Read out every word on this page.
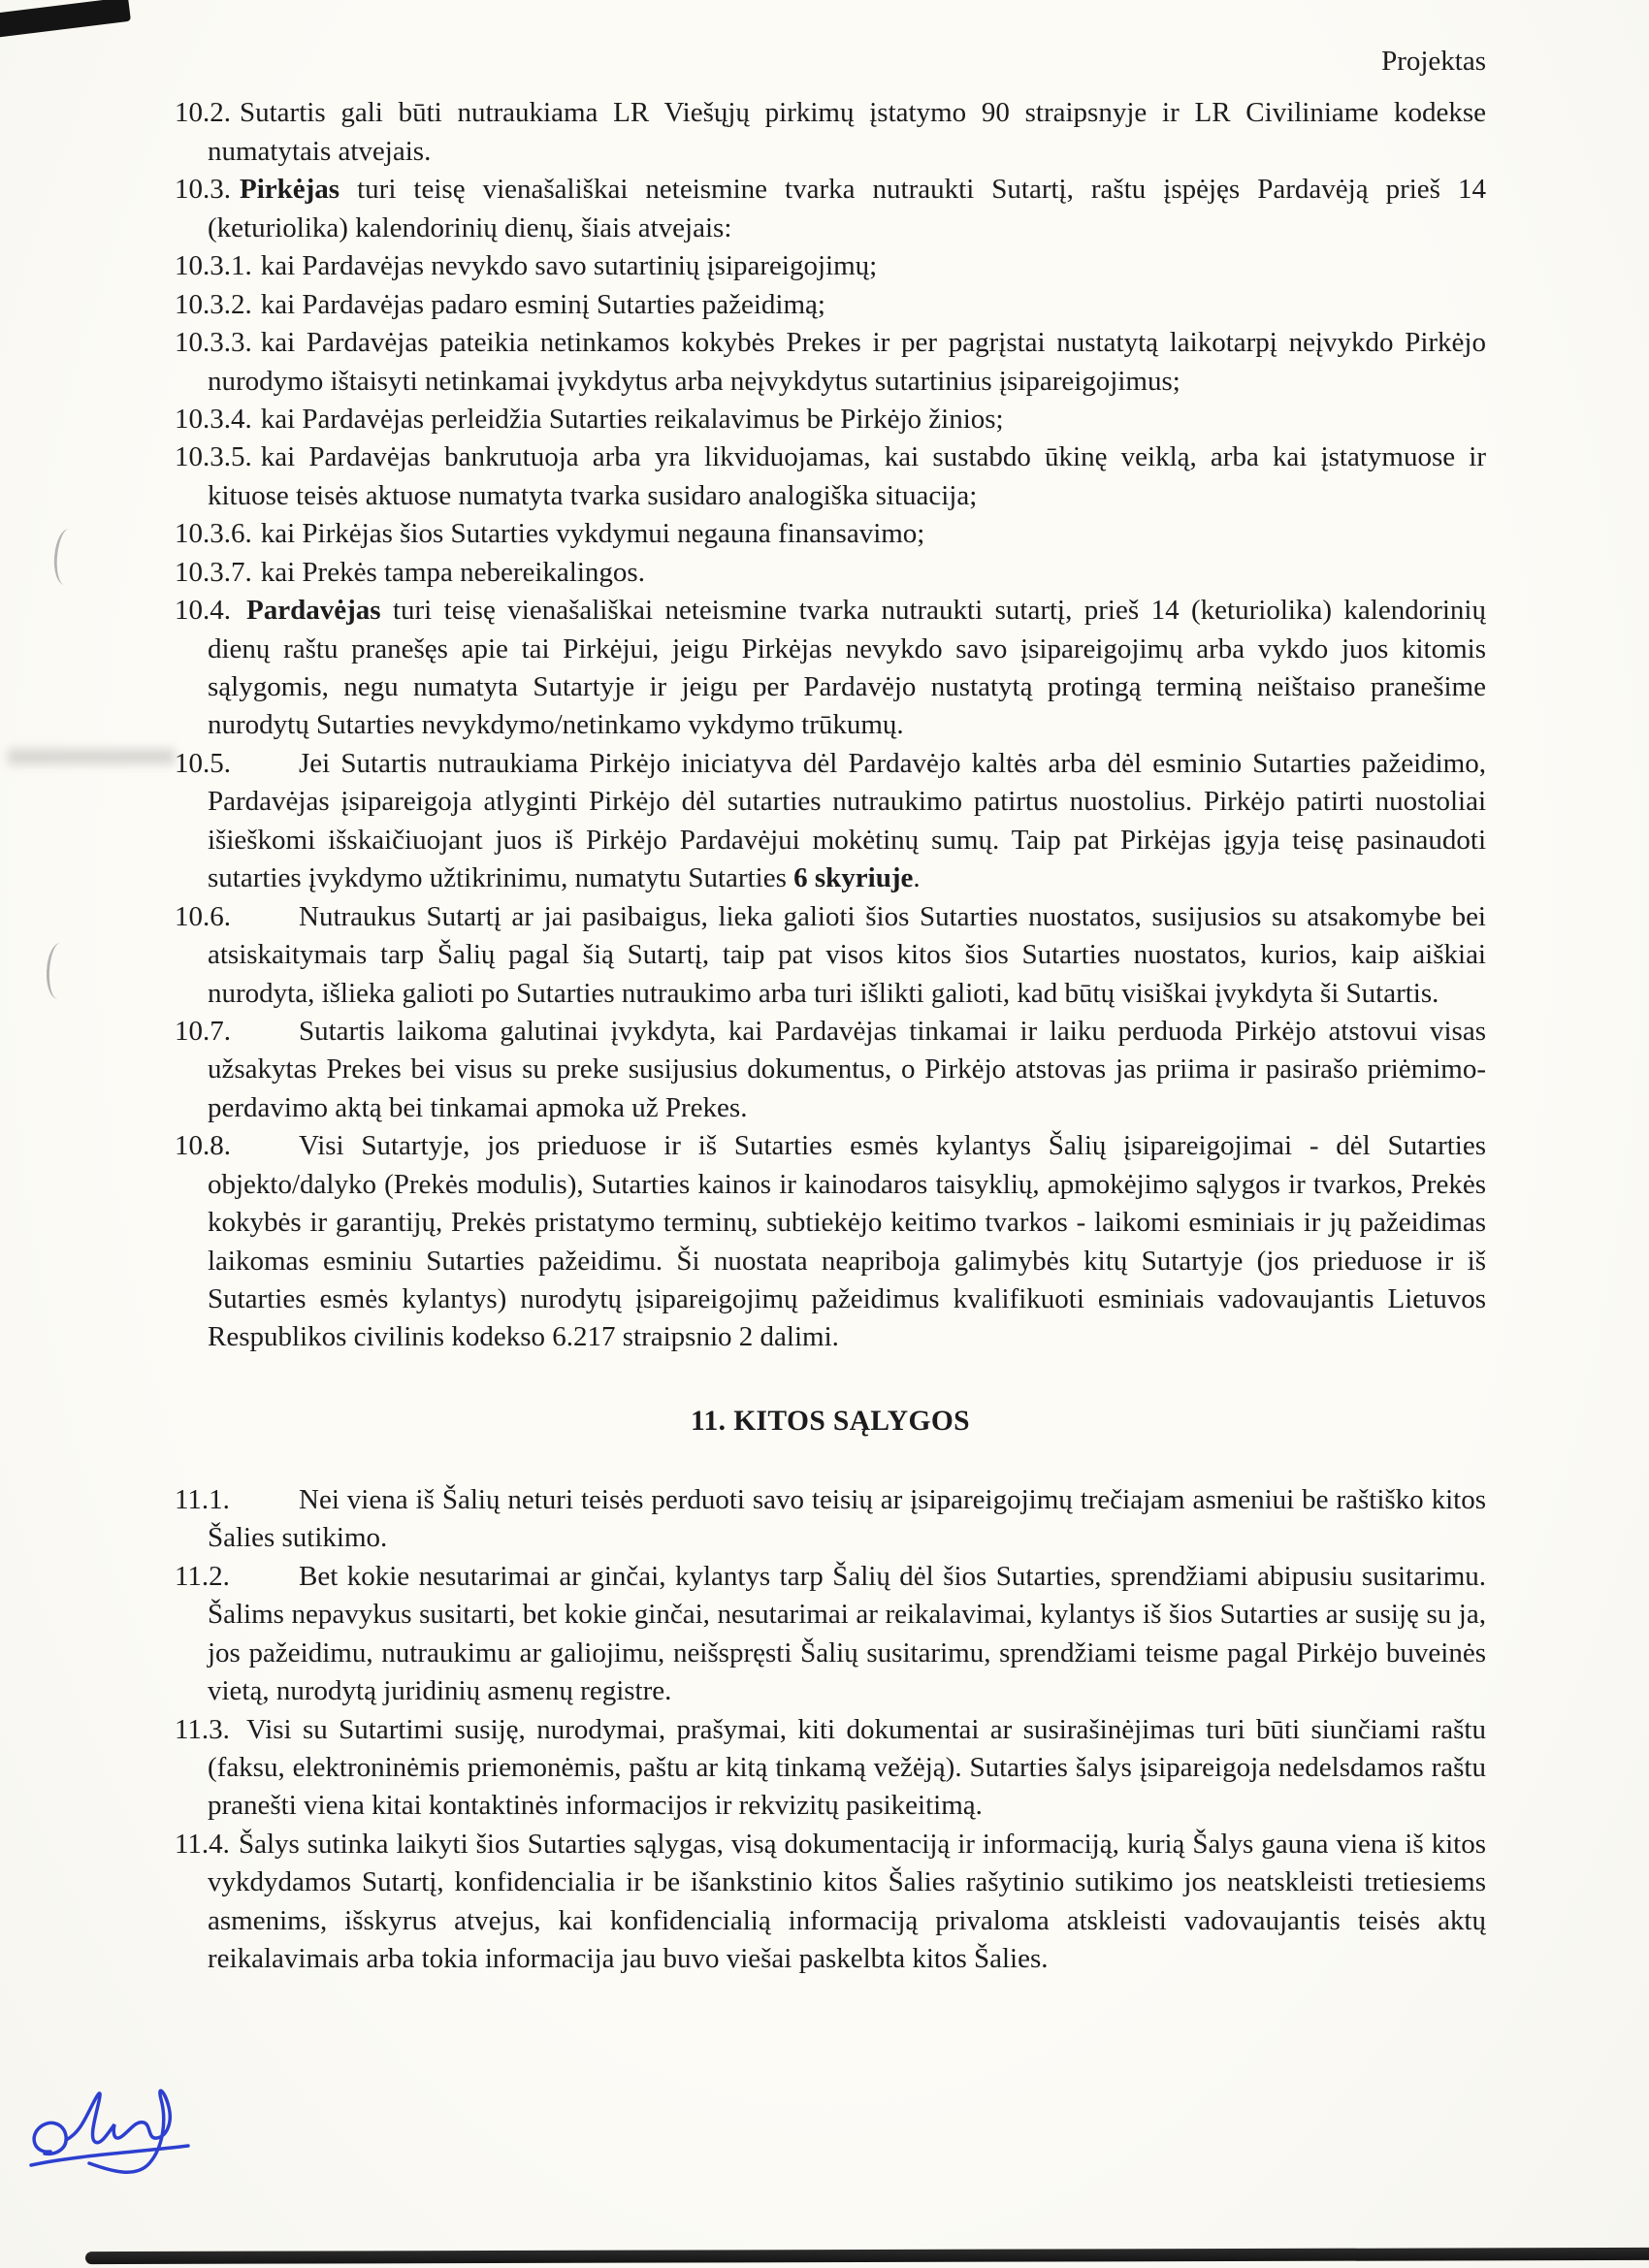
Projektas

10.2. Sutartis gali būti nutraukiama LR Viešųjų pirkimų įstatymo 90 straipsnyje ir LR Civiliniame kodekse numatytais atvejais.

10.3. Pirkėjas turi teisę vienašališkai neteismine tvarka nutraukti Sutartį, raštu įspėjęs Pardavėją prieš 14 (keturiolika) kalendorinių dienų, šiais atvejais:

10.3.1. kai Pardavėjas nevykdo savo sutartinių įsipareigojimų;

10.3.2. kai Pardavėjas padaro esminį Sutarties pažeidimą;

10.3.3. kai Pardavėjas pateikia netinkamos kokybės Prekes ir per pagrįstai nustatytą laikotarpį neįvykdo Pirkėjo nurodymo ištaisyti netinkamai įvykdytus arba neįvykdytus sutartinius įsipareigojimus;

10.3.4. kai Pardavėjas perleidžia Sutarties reikalavimus be Pirkėjo žinios;

10.3.5. kai Pardavėjas bankrutuoja arba yra likviduojamas, kai sustabdo ūkinę veiklą, arba kai įstatymuose ir kituose teisės aktuose numatyta tvarka susidaro analogiška situacija;

10.3.6. kai Pirkėjas šios Sutarties vykdymui negauna finansavimo;

10.3.7. kai Prekės tampa nebereikalingos.

10.4. Pardavėjas turi teisę vienašališkai neteismine tvarka nutraukti sutartį, prieš 14 (keturiolika) kalendorinių dienų raštu pranešęs apie tai Pirkėjui, jeigu Pirkėjas nevykdo savo įsipareigojimų arba vykdo juos kitomis sąlygomis, negu numatyta Sutartyje ir jeigu per Pardavėjo nustatytą protingą terminą neištaiso pranešime nurodytų Sutarties nevykdymo/netinkamo vykdymo trūkumų.

10.5. Jei Sutartis nutraukiama Pirkėjo iniciatyva dėl Pardavėjo kaltės arba dėl esminio Sutarties pažeidimo, Pardavėjas įsipareigoja atlyginti Pirkėjo dėl sutarties nutraukimo patirtus nuostolius. Pirkėjo patirti nuostoliai išieškomi išskaičiuojant juos iš Pirkėjo Pardavėjui mokėtinų sumų. Taip pat Pirkėjas įgyja teisę pasinaudoti sutarties įvykdymo užtikrinimu, numatytu Sutarties 6 skyriuje.

10.6. Nutraukus Sutartį ar jai pasibaigus, lieka galioti šios Sutarties nuostatos, susijusios su atsakomybe bei atsiskaitymais tarp Šalių pagal šią Sutartį, taip pat visos kitos šios Sutarties nuostatos, kurios, kaip aiškiai nurodyta, išlieka galioti po Sutarties nutraukimo arba turi išlikti galioti, kad būtų visiškai įvykdyta ši Sutartis.

10.7. Sutartis laikoma galutinai įvykdyta, kai Pardavėjas tinkamai ir laiku perduoda Pirkėjo atstovui visas užsakytas Prekes bei visus su preke susijusius dokumentus, o Pirkėjo atstovas jas priima ir pasirašo priėmimo-perdavimo aktą bei tinkamai apmoka už Prekes.

10.8. Visi Sutartyje, jos prieduose ir iš Sutarties esmės kylantys Šalių įsipareigojimai - dėl Sutarties objekto/dalyko (Prekės modulis), Sutarties kainos ir kainodaros taisyklių, apmokėjimo sąlygos ir tvarkos, Prekės kokybės ir garantijų, Prekės pristatymo terminų, subtiekėjo keitimo tvarkos - laikomi esminiais ir jų pažeidimas laikomas esminiu Sutarties pažeidimu. Ši nuostata neapriboja galimybės kitų Sutartyje (jos prieduose ir iš Sutarties esmės kylantys) nurodytų įsipareigojimų pažeidimus kvalifikuoti esminiais vadovaujantis Lietuvos Respublikos civilinis kodekso 6.217 straipsnio 2 dalimi.

11. KITOS SĄLYGOS

11.1. Nei viena iš Šalių neturi teisės perduoti savo teisių ar įsipareigojimų trečiajam asmeniui be raštiško kitos Šalies sutikimo.

11.2. Bet kokie nesutarimai ar ginčai, kylantys tarp Šalių dėl šios Sutarties, sprendžiami abipusiu susitarimu. Šalims nepavykus susitarti, bet kokie ginčai, nesutarimai ar reikalavimai, kylantys iš šios Sutarties ar susiję su ja, jos pažeidimu, nutraukimu ar galiojimu, neišspręsti Šalių susitarimu, sprendžiami teisme pagal Pirkėjo buveinės vietą, nurodytą juridinių asmenų registre.

11.3. Visi su Sutartimi susiję, nurodymai, prašymai, kiti dokumentai ar susirašinėjimas turi būti siunčiami raštu (faksu, elektroninėmis priemonėmis, paštu ar kitą tinkamą vežėją). Sutarties šalys įsipareigoja nedelsdamos raštu pranešti viena kitai kontaktinės informacijos ir rekvizitų pasikeitimą.

11.4. Šalys sutinka laikyti šios Sutarties sąlygas, visą dokumentaciją ir informaciją, kurią Šalys gauna viena iš kitos vykdydamos Sutartį, konfidencialia ir be išankstinio kitos Šalies rašytinio sutikimo jos neatskleisti tretiesiems asmenims, išskyrus atvejus, kai konfidencialią informaciją privaloma atskleisti vadovaujantis teisės aktų reikalavimais arba tokia informacija jau buvo viešai paskelbta kitos Šalies.
